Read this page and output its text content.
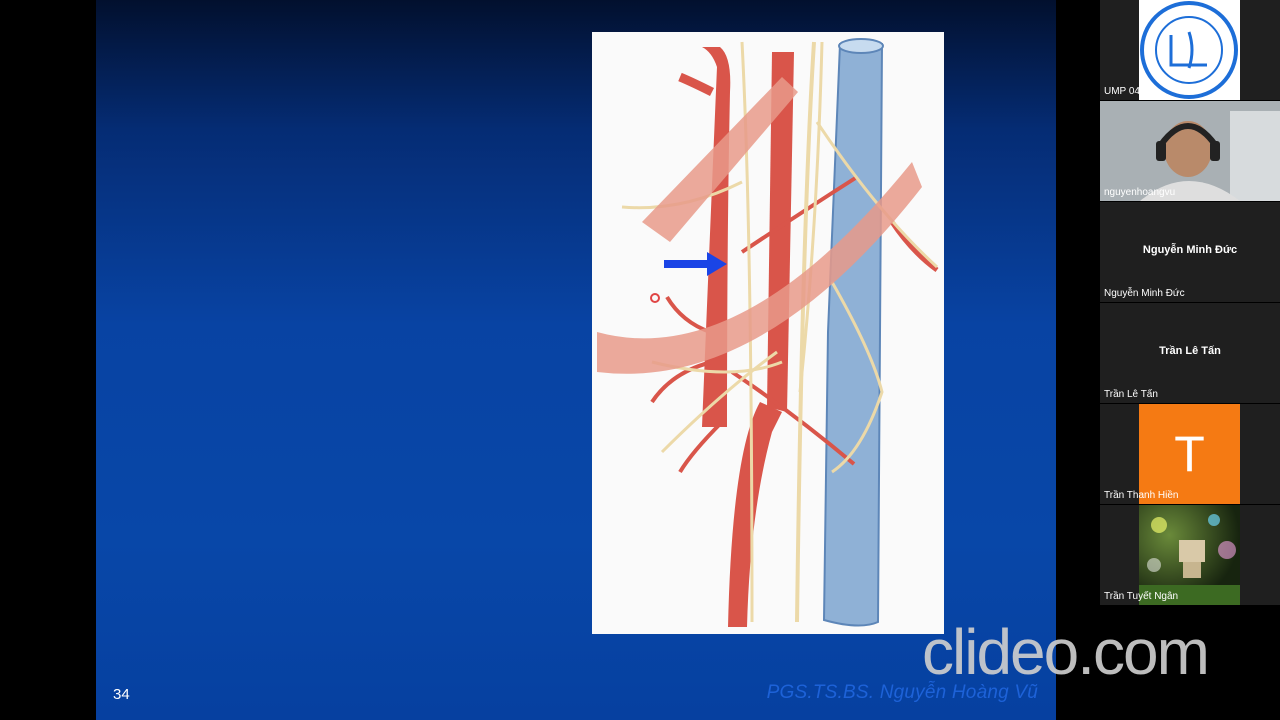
34	PGS.TS.BS. Nguyễn Hoàng Vũ
UMP 04
nguyenhoangvu
Nguyễn Minh Đức
Nguyễn Minh Đức
Trần Lê Tấn
Trần Lê Tấn
T
Trần Thanh Hiền
Trần Tuyết Ngân
clideo.com
